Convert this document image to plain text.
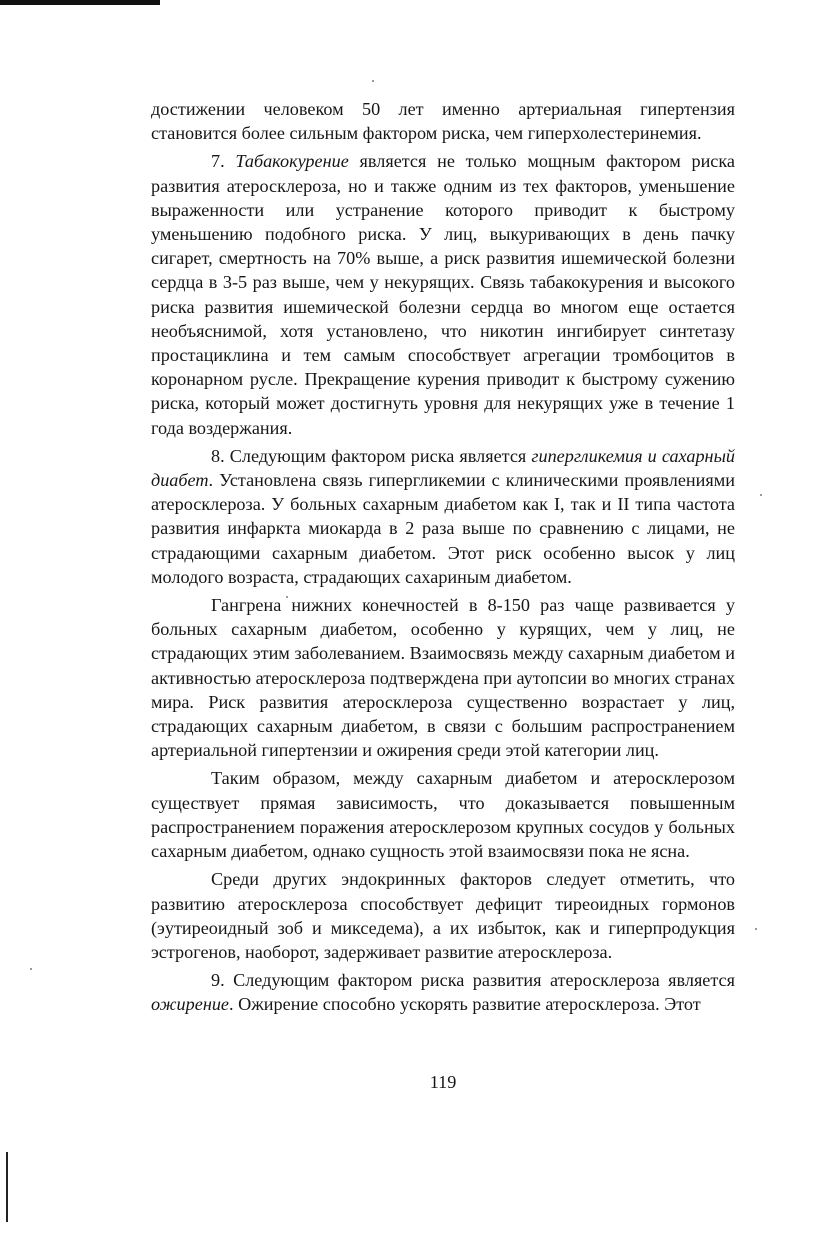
достижении человеком 50 лет именно артериальная гипертензия становится более сильным фактором риска, чем гиперхолестеринемия.

7. Табакокурение является не только мощным фактором риска развития атеросклероза, но и также одним из тех факторов, уменьшение выраженности или устранение которого приводит к быстрому уменьшению подобного риска. У лиц, выкуривающих в день пачку сигарет, смертность на 70% выше, а риск развития ишемической болезни сердца в 3-5 раз выше, чем у некурящих. Связь табакокурения и высокого риска развития ишемической болезни сердца во многом еще остается необъяснимой, хотя установлено, что никотин ингибирует синтетазу простациклина и тем самым способствует агрегации тромбоцитов в коронарном русле. Прекращение курения приводит к быстрому сужению риска, который может достигнуть уровня для некурящих уже в течение 1 года воздержания.

8. Следующим фактором риска является гипергликемия и сахарный диабет. Установлена связь гипергликемии с клиническими проявлениями атеросклероза. У больных сахарным диабетом как I, так и II типа частота развития инфаркта миокарда в 2 раза выше по сравнению с лицами, не страдающими сахарным диабетом. Этот риск особенно высок у лиц молодого возраста, страдающих сахариным диабетом.

Гангрена нижних конечностей в 8-150 раз чаще развивается у больных сахарным диабетом, особенно у курящих, чем у лиц, не страдающих этим заболеванием. Взаимосвязь между сахарным диабетом и активностью атеросклероза подтверждена при аутопсии во многих странах мира. Риск развития атеросклероза существенно возрастает у лиц, страдающих сахарным диабетом, в связи с большим распространением артериальной гипертензии и ожирения среди этой категории лиц.

Таким образом, между сахарным диабетом и атеросклерозом существует прямая зависимость, что доказывается повышенным распространением поражения атеросклерозом крупных сосудов у больных сахарным диабетом, однако сущность этой взаимосвязи пока не ясна.

Среди других эндокринных факторов следует отметить, что развитию атеросклероза способствует дефицит тиреоидных гормонов (эутиреоидный зоб и микседема), а их избыток, как и гиперпродукция эстрогенов, наоборот, задерживает развитие атеросклероза.

9. Следующим фактором риска развития атеросклероза является ожирение. Ожирение способно ускорять развитие атеросклероза. Этот

119
